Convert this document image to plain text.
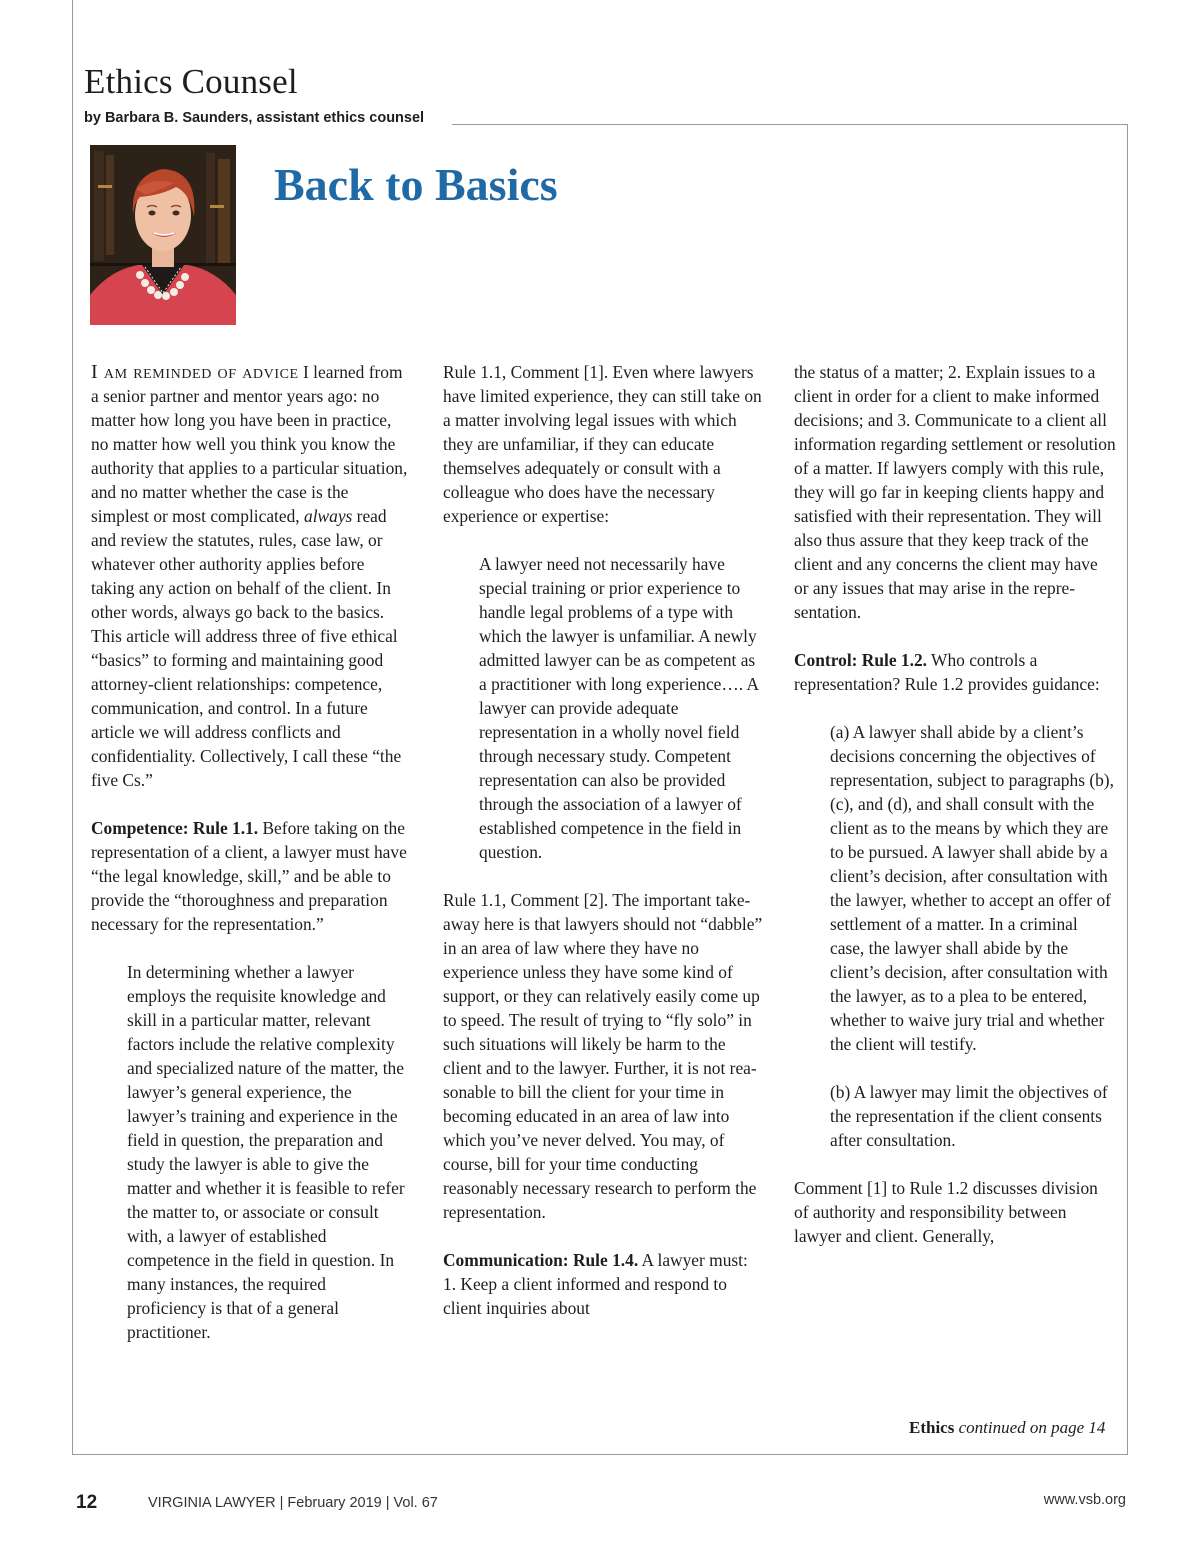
Ethics Counsel
by Barbara B. Saunders, assistant ethics counsel
Back to Basics

I am reminded of advice I learned from a senior partner and mentor years ago: no matter how long you have been in practice, no matter how well you think you know the authority that applies to a particular situation, and no matter whether the case is the simplest or most complicated, always read and review the statutes, rules, case law, or whatever other authority applies before taking any action on behalf of the client. In other words, always go back to the basics. This article will address three of five ethical “basics” to forming and maintaining good attorney-client relationships: competence, communication, and control. In a future article we will address conflicts and confidentiality. Collectively, I call these “the five Cs.”

Competence: Rule 1.1. Before taking on the representation of a client, a lawyer must have “the legal knowledge, skill,” and be able to provide the “thoroughness and preparation necessary for the representation.”

In determining whether a lawyer employs the requisite knowledge and skill in a particular matter, relevant factors include the relative complexity and specialized nature of the matter, the lawyer’s general experience, the lawyer’s training and experience in the field in question, the preparation and study the lawyer is able to give the matter and whether it is feasible to refer the matter to, or associate or consult with, a lawyer of established competence in the field in question. In many instances, the required proficiency is that of a general practitioner.

Rule 1.1, Comment [1]. Even where lawyers have limited experience, they can still take on a matter involving legal issues with which they are unfamiliar, if they can educate themselves adequately or consult with a colleague who does have the necessary experience or expertise:

A lawyer need not necessarily have special training or prior experience to handle legal problems of a type with which the lawyer is unfamiliar. A newly admitted lawyer can be as competent as a practitioner with long experience…. A lawyer can provide adequate representation in a wholly novel field through necessary study. Competent representation can also be provided through the association of a lawyer of established competence in the field in question.

Rule 1.1, Comment [2]. The important take-away here is that lawyers should not “dabble” in an area of law where they have no experience unless they have some kind of support, or they can relatively easily come up to speed. The result of trying to “fly solo” in such situations will likely be harm to the client and to the lawyer. Further, it is not reasonable to bill the client for your time in becoming educated in an area of law into which you’ve never delved. You may, of course, bill for your time conducting reasonably necessary research to perform the representation.

Communication: Rule 1.4. A lawyer must: 1. Keep a client informed and respond to client inquiries about

the status of a matter; 2. Explain issues to a client in order for a client to make informed decisions; and 3. Communicate to a client all information regarding settlement or resolution of a matter. If lawyers comply with this rule, they will go far in keeping clients happy and satisfied with their representation. They will also thus assure that they keep track of the client and any concerns the client may have or any issues that may arise in the representation.

Control: Rule 1.2. Who controls a representation? Rule 1.2 provides guidance:

(a) A lawyer shall abide by a client’s decisions concerning the objectives of representation, subject to paragraphs (b), (c), and (d), and shall consult with the client as to the means by which they are to be pursued. A lawyer shall abide by a client’s decision, after consultation with the lawyer, whether to accept an offer of settlement of a matter. In a criminal case, the lawyer shall abide by the client’s decision, after consultation with the lawyer, as to a plea to be entered, whether to waive jury trial and whether the client will testify.

(b) A lawyer may limit the objectives of the representation if the client consents after consultation.

Comment [1] to Rule 1.2 discusses division of authority and responsibility between lawyer and client. Generally,

Ethics continued on page 14
12	VIRGINIA LAWYER | February 2019 | Vol. 67	www.vsb.org
